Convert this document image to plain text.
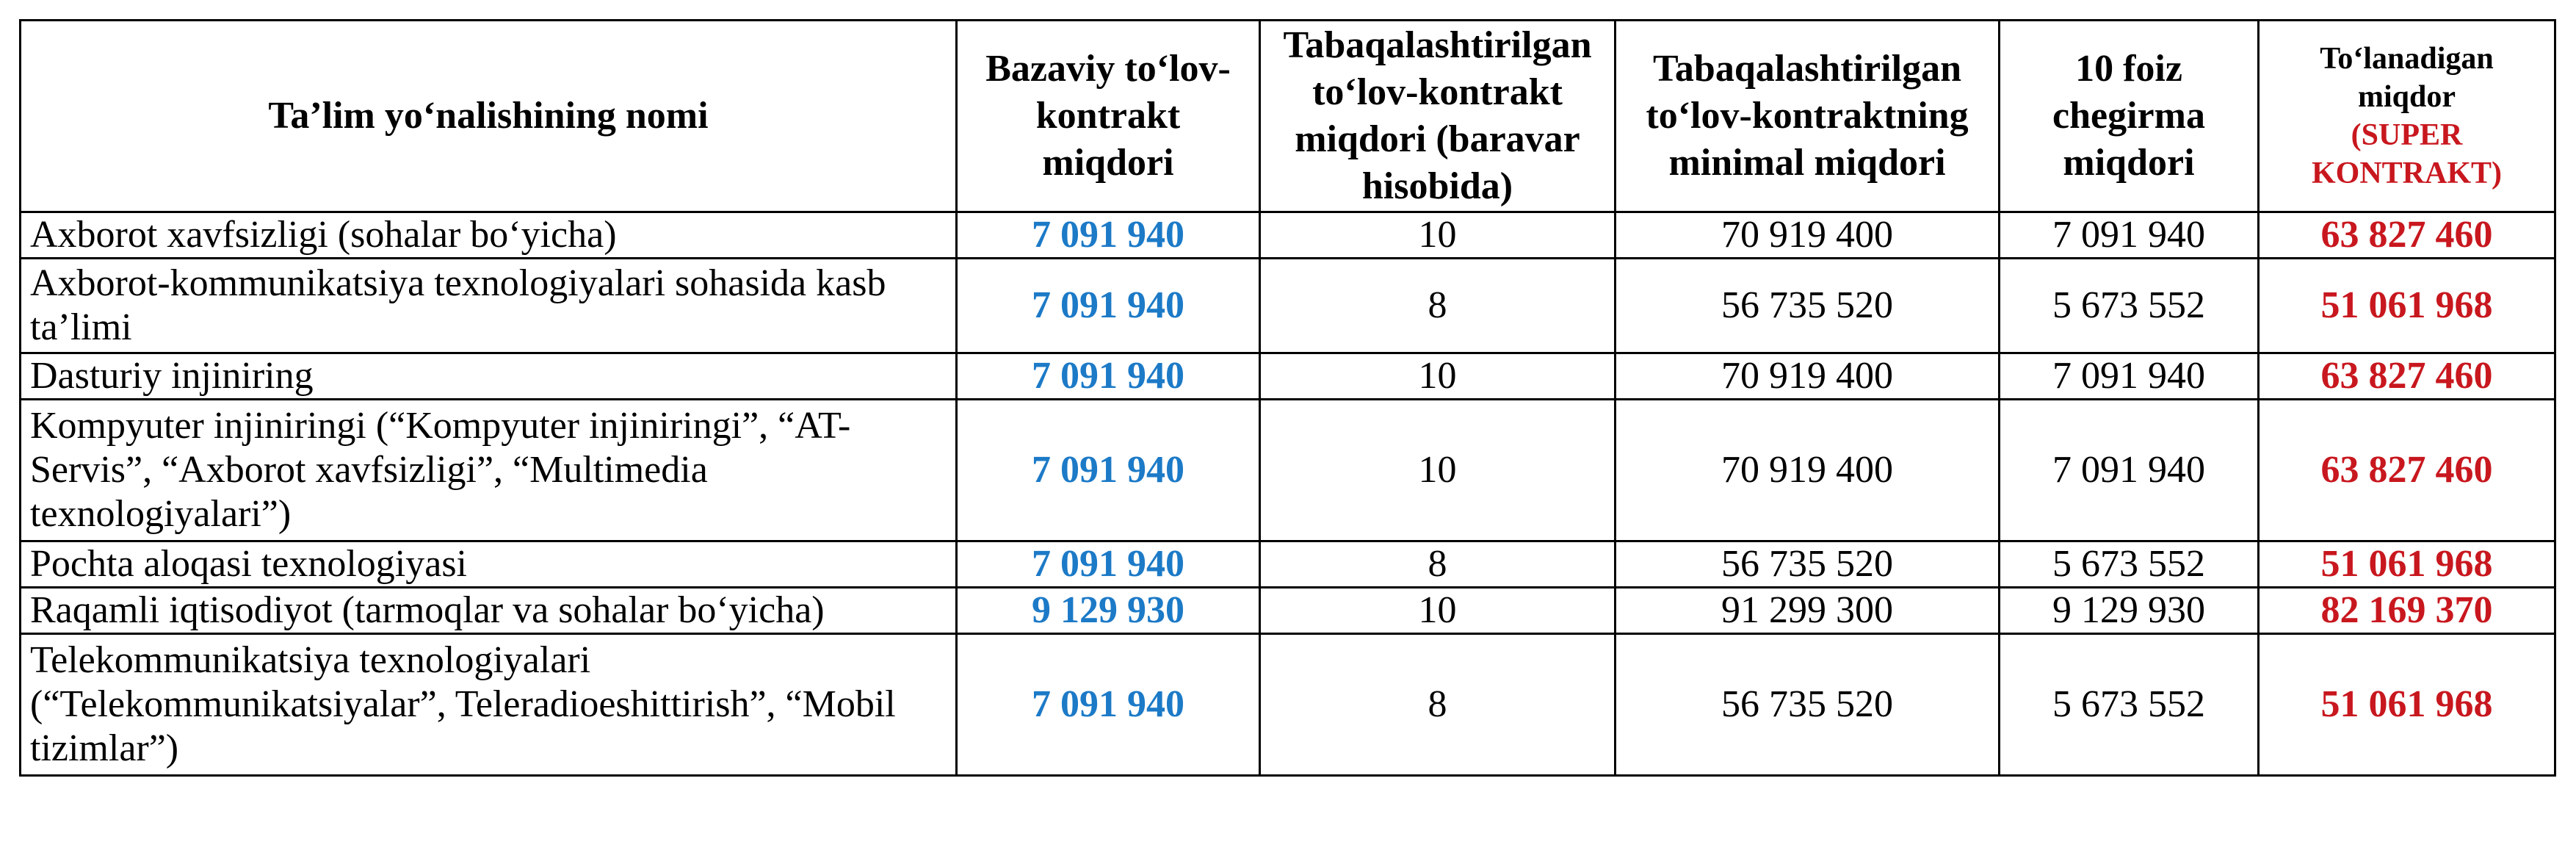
Ta’lim yo‘nalishining nomi	Bazaviy to‘lov-kontrakt miqdori	Tabaqalashtirilgan to‘lov-kontrakt miqdori (baravar hisobida)	Tabaqalashtirilgan to‘lov-kontraktning minimal miqdori	10 foiz chegirma miqdori	To‘lanadigan miqdor
(SUPER KONTRAKT)

Axborot xavfsizligi (sohalar bo‘yicha)	7 091 940	10	70 919 400	7 091 940	63 827 460
Axborot-kommunikatsiya texnologiyalari sohasida kasb ta’limi	7 091 940	8	56 735 520	5 673 552	51 061 968
Dasturiy injiniring	7 091 940	10	70 919 400	7 091 940	63 827 460
Kompyuter injiniringi (“Kompyuter injiniringi”, “AT-Servis”, “Axborot xavfsizligi”, “Multimedia texnologiyalari”)	7 091 940	10	70 919 400	7 091 940	63 827 460
Pochta aloqasi texnologiyasi	7 091 940	8	56 735 520	5 673 552	51 061 968
Raqamli iqtisodiyot (tarmoqlar va sohalar bo‘yicha)	9 129 930	10	91 299 300	9 129 930	82 169 370
Telekommunikatsiya texnologiyalari (“Telekommunikatsiyalar”, Teleradioeshittirish”, “Mobil tizimlar”)	7 091 940	8	56 735 520	5 673 552	51 061 968
